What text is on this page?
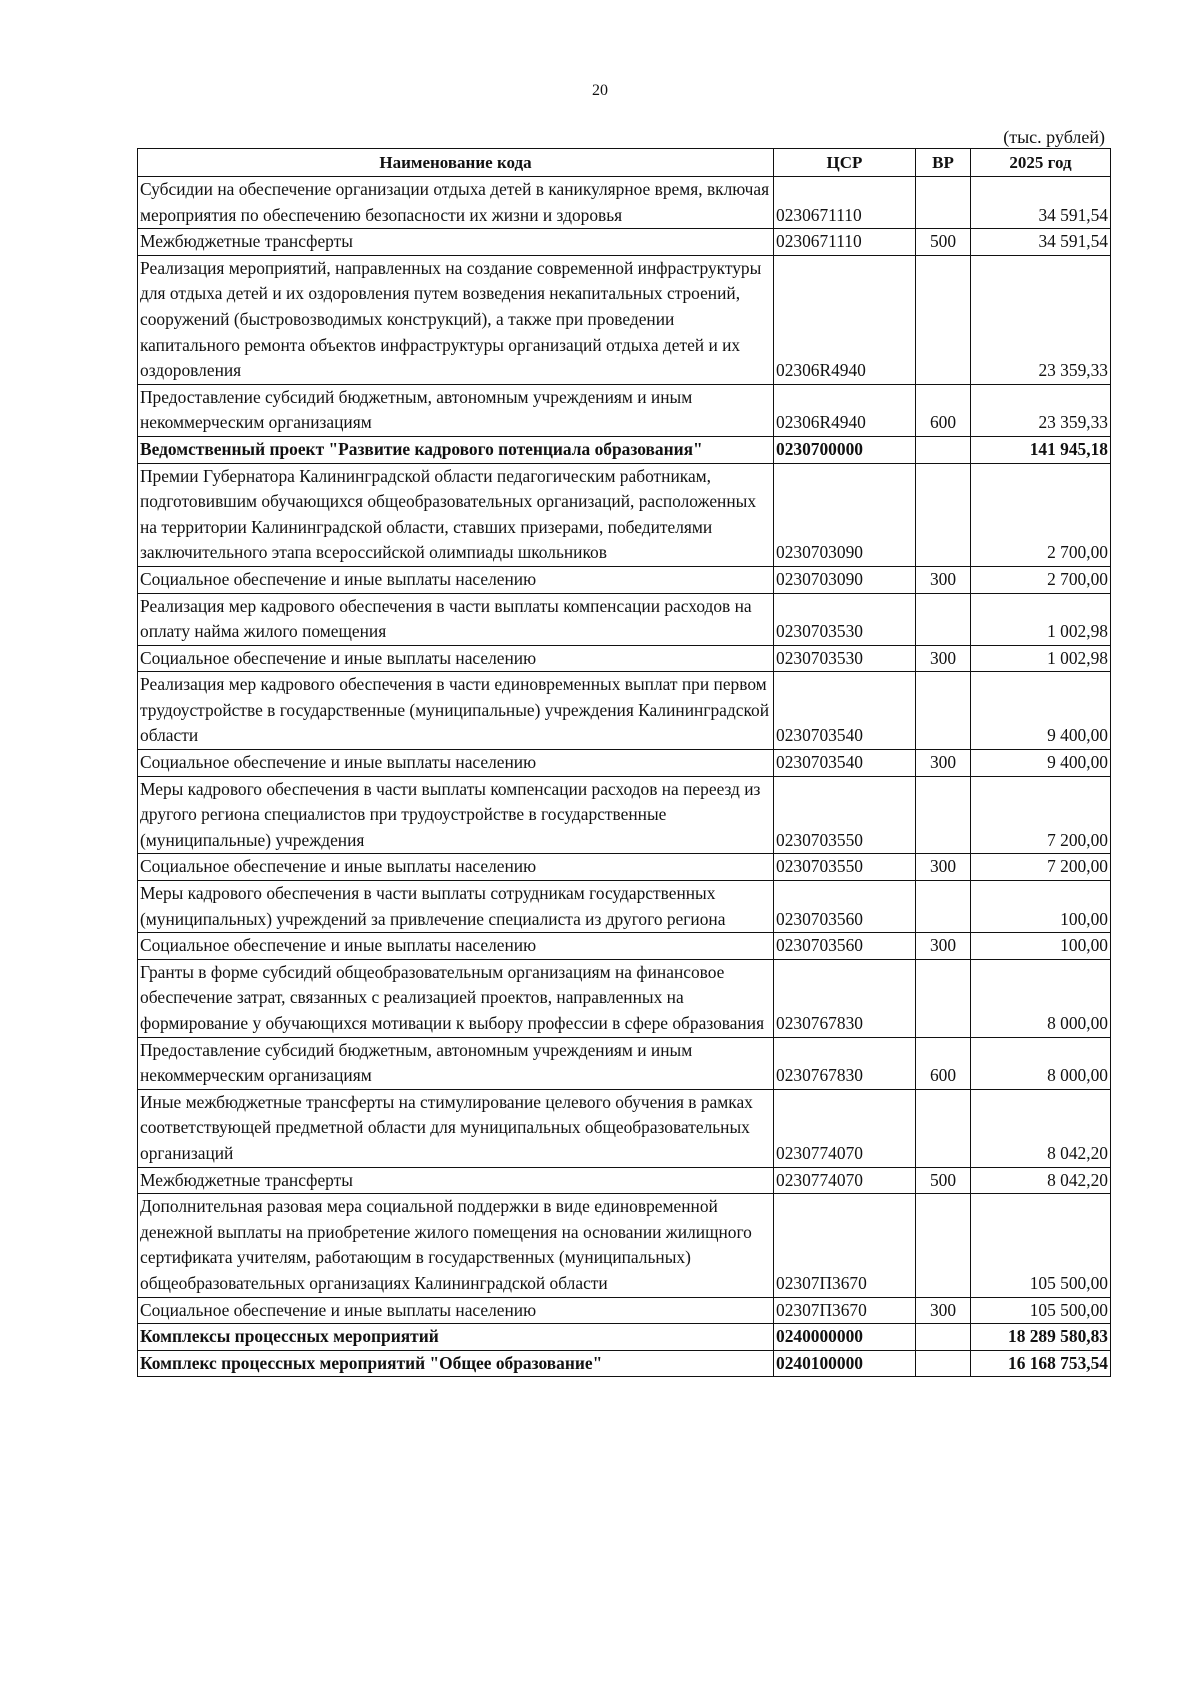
20
(тыс. рублей)
Наименование кода	ЦСР	ВР	2025 год
Субсидии на обеспечение организации отдыха детей в каникулярное время, включая мероприятия по обеспечению безопасности их жизни и здоровья	0230671110		34 591,54
Межбюджетные трансферты	0230671110	500	34 591,54
Реализация мероприятий, направленных на создание современной инфраструктуры для отдыха детей и их оздоровления путем возведения некапитальных строений, сооружений (быстровозводимых конструкций), а также при проведении капитального ремонта объектов инфраструктуры организаций отдыха детей и их оздоровления	02306R4940		23 359,33
Предоставление субсидий бюджетным, автономным учреждениям и иным некоммерческим организациям	02306R4940	600	23 359,33
Ведомственный проект "Развитие кадрового потенциала образования"	0230700000		141 945,18
Премии Губернатора Калининградской области педагогическим работникам, подготовившим обучающихся общеобразовательных организаций, расположенных на территории Калининградской области, ставших призерами, победителями заключительного этапа всероссийской олимпиады школьников	0230703090		2 700,00
Социальное обеспечение и иные выплаты населению	0230703090	300	2 700,00
Реализация мер кадрового обеспечения в части выплаты компенсации расходов на оплату найма жилого помещения	0230703530		1 002,98
Социальное обеспечение и иные выплаты населению	0230703530	300	1 002,98
Реализация мер кадрового обеспечения в части единовременных выплат при первом трудоустройстве в государственные (муниципальные) учреждения Калининградской области	0230703540		9 400,00
Социальное обеспечение и иные выплаты населению	0230703540	300	9 400,00
Меры кадрового обеспечения в части выплаты компенсации расходов на переезд из другого региона специалистов при трудоустройстве в государственные (муниципальные) учреждения	0230703550		7 200,00
Социальное обеспечение и иные выплаты населению	0230703550	300	7 200,00
Меры кадрового обеспечения в части выплаты сотрудникам государственных (муниципальных) учреждений за привлечение специалиста из другого региона	0230703560		100,00
Социальное обеспечение и иные выплаты населению	0230703560	300	100,00
Гранты в форме субсидий общеобразовательным организациям на финансовое обеспечение затрат, связанных с реализацией проектов, направленных на формирование у обучающихся мотивации к выбору профессии в сфере образования	0230767830		8 000,00
Предоставление субсидий бюджетным, автономным учреждениям и иным некоммерческим организациям	0230767830	600	8 000,00
Иные межбюджетные трансферты на стимулирование целевого обучения в рамках соответствующей предметной области для муниципальных общеобразовательных организаций	0230774070		8 042,20
Межбюджетные трансферты	0230774070	500	8 042,20
Дополнительная разовая мера социальной поддержки в виде единовременной денежной выплаты на приобретение жилого помещения на основании жилищного сертификата учителям, работающим в государственных (муниципальных) общеобразовательных организациях Калининградской области	02307П3670		105 500,00
Социальное обеспечение и иные выплаты населению	02307П3670	300	105 500,00
Комплексы процессных мероприятий	0240000000		18 289 580,83
Комплекс процессных мероприятий "Общее образование"	0240100000		16 168 753,54
